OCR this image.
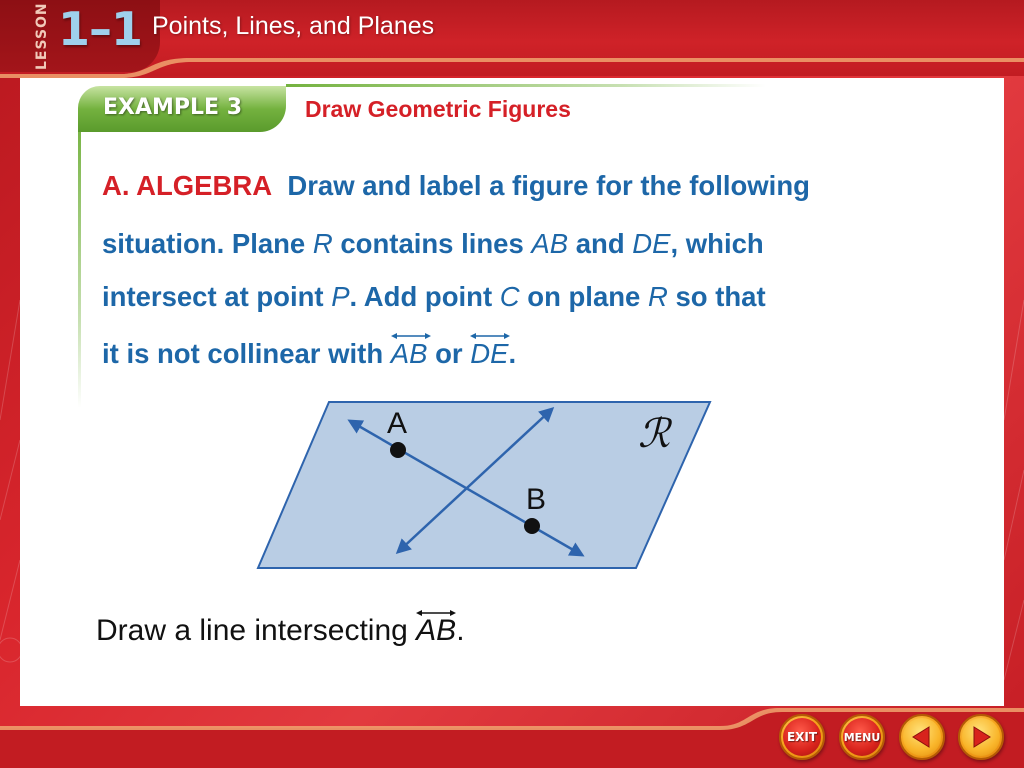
LESSON 1–1 Points, Lines, and Planes
EXAMPLE 3	Draw Geometric Figures
A. ALGEBRA Draw and label a figure for the following
situation. Plane R contains lines AB and DE, which
intersect at point P. Add point C on plane R so that
it is not collinear with
AB or
DE.
A
B
ℛ
Draw a line intersecting
AB.
EXIT	MENU
